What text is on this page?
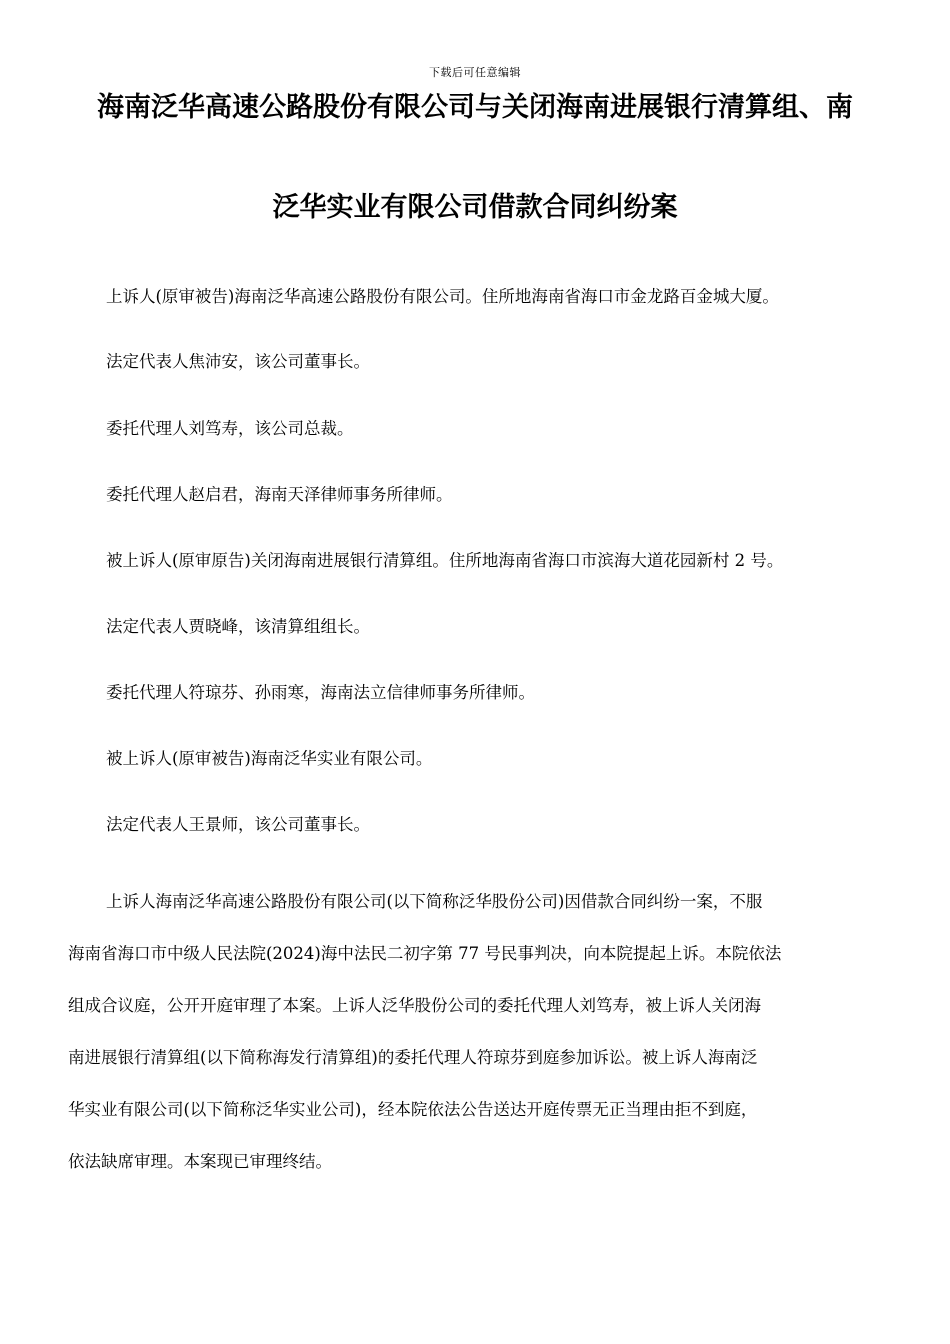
下载后可任意编辑
海南泛华高速公路股份有限公司与关闭海南进展银行清算组、南
泛华实业有限公司借款合同纠纷案
上诉人(原审被告)海南泛华高速公路股份有限公司。住所地海南省海口市金龙路百金城大厦。
法定代表人焦沛安，该公司董事长。
委托代理人刘笃寿，该公司总裁。
委托代理人赵启君，海南天泽律师事务所律师。
被上诉人(原审原告)关闭海南进展银行清算组。住所地海南省海口市滨海大道花园新村 2 号。
法定代表人贾晓峰，该清算组组长。
委托代理人符琼芬、孙雨寒，海南法立信律师事务所律师。
被上诉人(原审被告)海南泛华实业有限公司。
法定代表人王景师，该公司董事长。
上诉人海南泛华高速公路股份有限公司(以下简称泛华股份公司)因借款合同纠纷一案，不服
海南省海口市中级人民法院(2024)海中法民二初字第 77 号民事判决，向本院提起上诉。本院依法
组成合议庭，公开开庭审理了本案。上诉人泛华股份公司的委托代理人刘笃寿，被上诉人关闭海
南进展银行清算组(以下简称海发行清算组)的委托代理人符琼芬到庭参加诉讼。被上诉人海南泛
华实业有限公司(以下简称泛华实业公司)，经本院依法公告送达开庭传票无正当理由拒不到庭，
依法缺席审理。本案现已审理终结。
